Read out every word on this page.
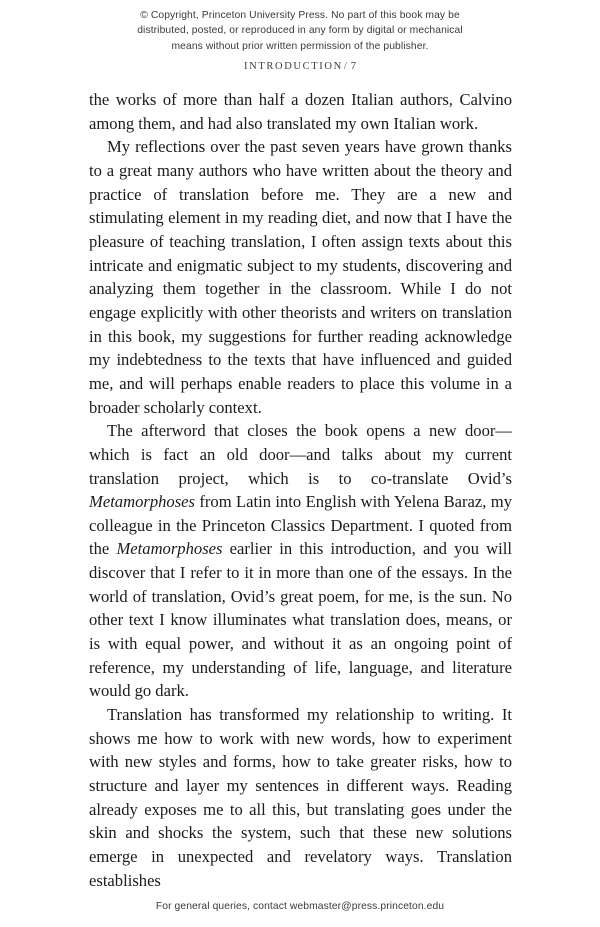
© Copyright, Princeton University Press. No part of this book may be
distributed, posted, or reproduced in any form by digital or mechanical
means without prior written permission of the publisher.
INTRODUCTION/ 7

the works of more than half a dozen Italian authors, Calvino among them, and had also translated my own Italian work.

My reflections over the past seven years have grown thanks to a great many authors who have written about the theory and practice of translation before me. They are a new and stimulating element in my reading diet, and now that I have the pleasure of teaching translation, I often assign texts about this intricate and enigmatic subject to my students, discovering and analyzing them together in the classroom. While I do not engage explicitly with other theorists and writers on translation in this book, my suggestions for further reading acknowledge my indebtedness to the texts that have influenced and guided me, and will perhaps enable readers to place this volume in a broader scholarly context.

The afterword that closes the book opens a new door—which is fact an old door—and talks about my current translation project, which is to co-translate Ovid’s Metamorphoses from Latin into English with Yelena Baraz, my colleague in the Princeton Classics Department. I quoted from the Metamorphoses earlier in this introduction, and you will discover that I refer to it in more than one of the essays. In the world of translation, Ovid’s great poem, for me, is the sun. No other text I know illuminates what translation does, means, or is with equal power, and without it as an ongoing point of reference, my understanding of life, language, and literature would go dark.

Translation has transformed my relationship to writing. It shows me how to work with new words, how to experiment with new styles and forms, how to take greater risks, how to structure and layer my sentences in different ways. Reading already exposes me to all this, but translating goes under the skin and shocks the system, such that these new solutions emerge in unexpected and revelatory ways. Translation establishes

For general queries, contact webmaster@press.princeton.edu
